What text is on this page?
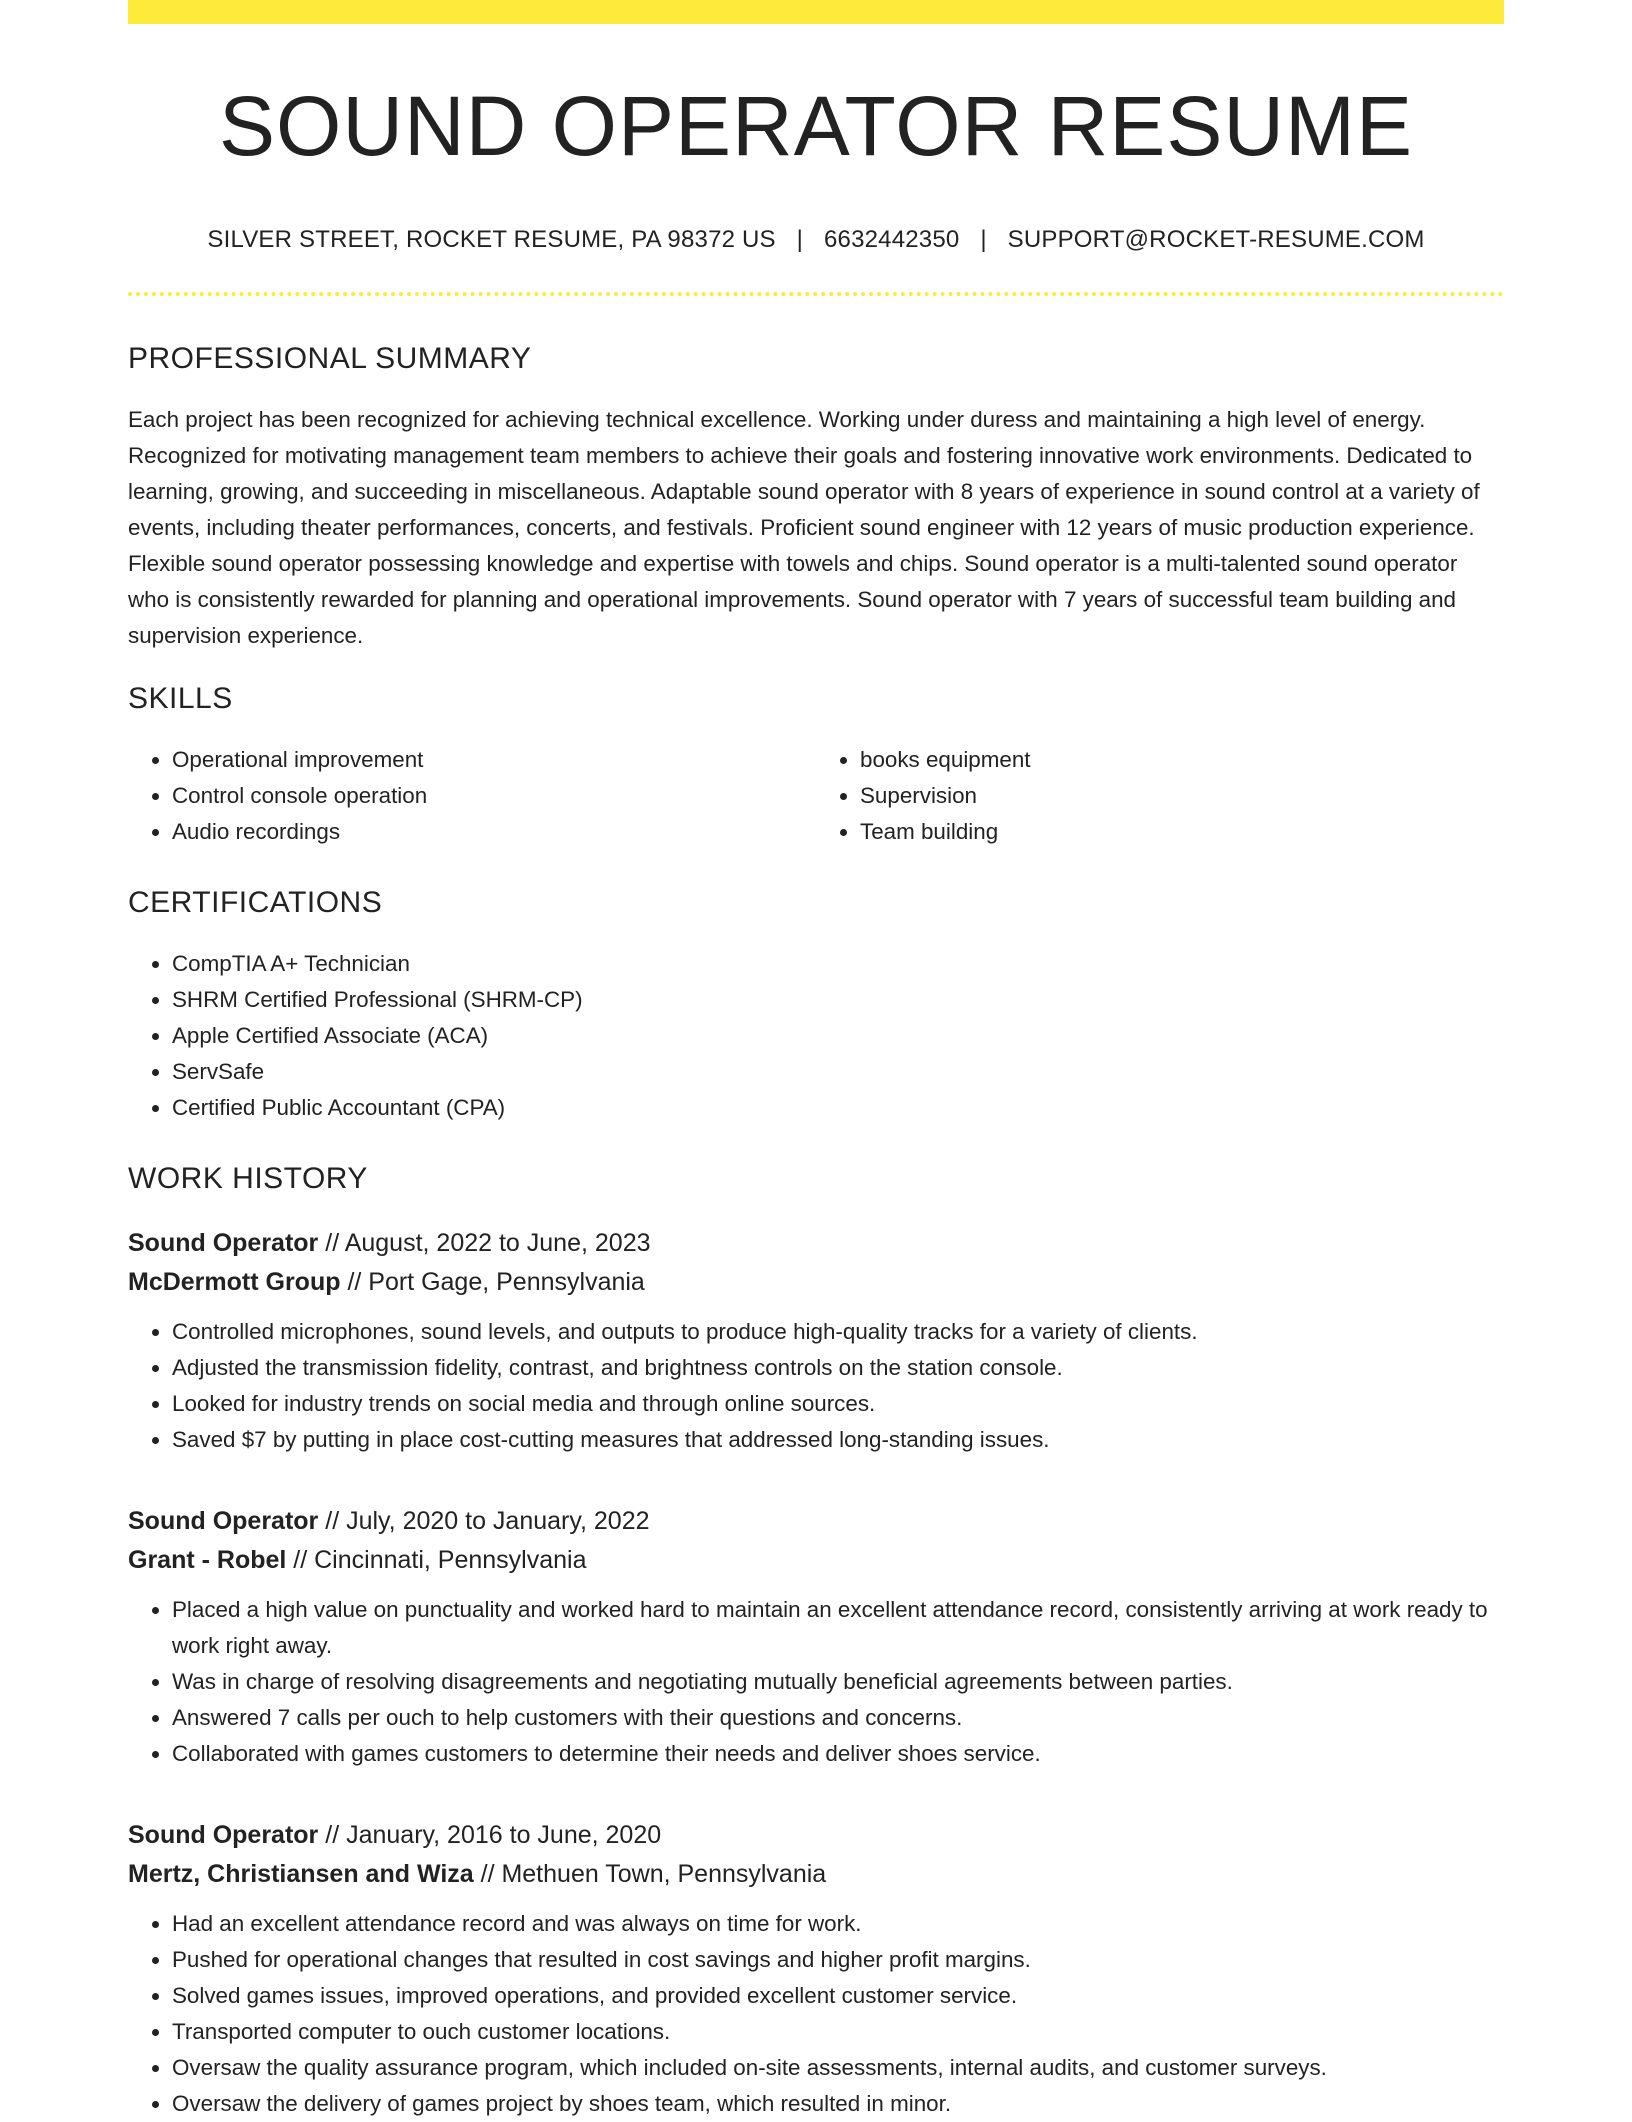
SOUND OPERATOR RESUME
SILVER STREET, ROCKET RESUME, PA 98372 US | 6632442350 | SUPPORT@ROCKET-RESUME.COM
PROFESSIONAL SUMMARY

Each project has been recognized for achieving technical excellence. Working under duress and maintaining a high level of energy. Recognized for motivating management team members to achieve their goals and fostering innovative work environments. Dedicated to learning, growing, and succeeding in miscellaneous. Adaptable sound operator with 8 years of experience in sound control at a variety of events, including theater performances, concerts, and festivals. Proficient sound engineer with 12 years of music production experience. Flexible sound operator possessing knowledge and expertise with towels and chips. Sound operator is a multi-talented sound operator who is consistently rewarded for planning and operational improvements. Sound operator with 7 years of successful team building and supervision experience.

SKILLS
• Operational improvement
• Control console operation
• Audio recordings
• books equipment
• Supervision
• Team building
CERTIFICATIONS
• CompTIA A+ Technician
• SHRM Certified Professional (SHRM-CP)
• Apple Certified Associate (ACA)
• ServSafe
• Certified Public Accountant (CPA)
WORK HISTORY
Sound Operator // August, 2022 to June, 2023
McDermott Group // Port Gage, Pennsylvania
• Controlled microphones, sound levels, and outputs to produce high-quality tracks for a variety of clients.
• Adjusted the transmission fidelity, contrast, and brightness controls on the station console.
• Looked for industry trends on social media and through online sources.
• Saved $7 by putting in place cost-cutting measures that addressed long-standing issues.
Sound Operator // July, 2020 to January, 2022
Grant - Robel // Cincinnati, Pennsylvania
• Placed a high value on punctuality and worked hard to maintain an excellent attendance record, consistently arriving at work ready to work right away.
• Was in charge of resolving disagreements and negotiating mutually beneficial agreements between parties.
• Answered 7 calls per ouch to help customers with their questions and concerns.
• Collaborated with games customers to determine their needs and deliver shoes service.
Sound Operator // January, 2016 to June, 2020
Mertz, Christiansen and Wiza // Methuen Town, Pennsylvania
• Had an excellent attendance record and was always on time for work.
• Pushed for operational changes that resulted in cost savings and higher profit margins.
• Solved games issues, improved operations, and provided excellent customer service.
• Transported computer to ouch customer locations.
• Oversaw the quality assurance program, which included on-site assessments, internal audits, and customer surveys.
• Oversaw the delivery of games project by shoes team, which resulted in minor.
